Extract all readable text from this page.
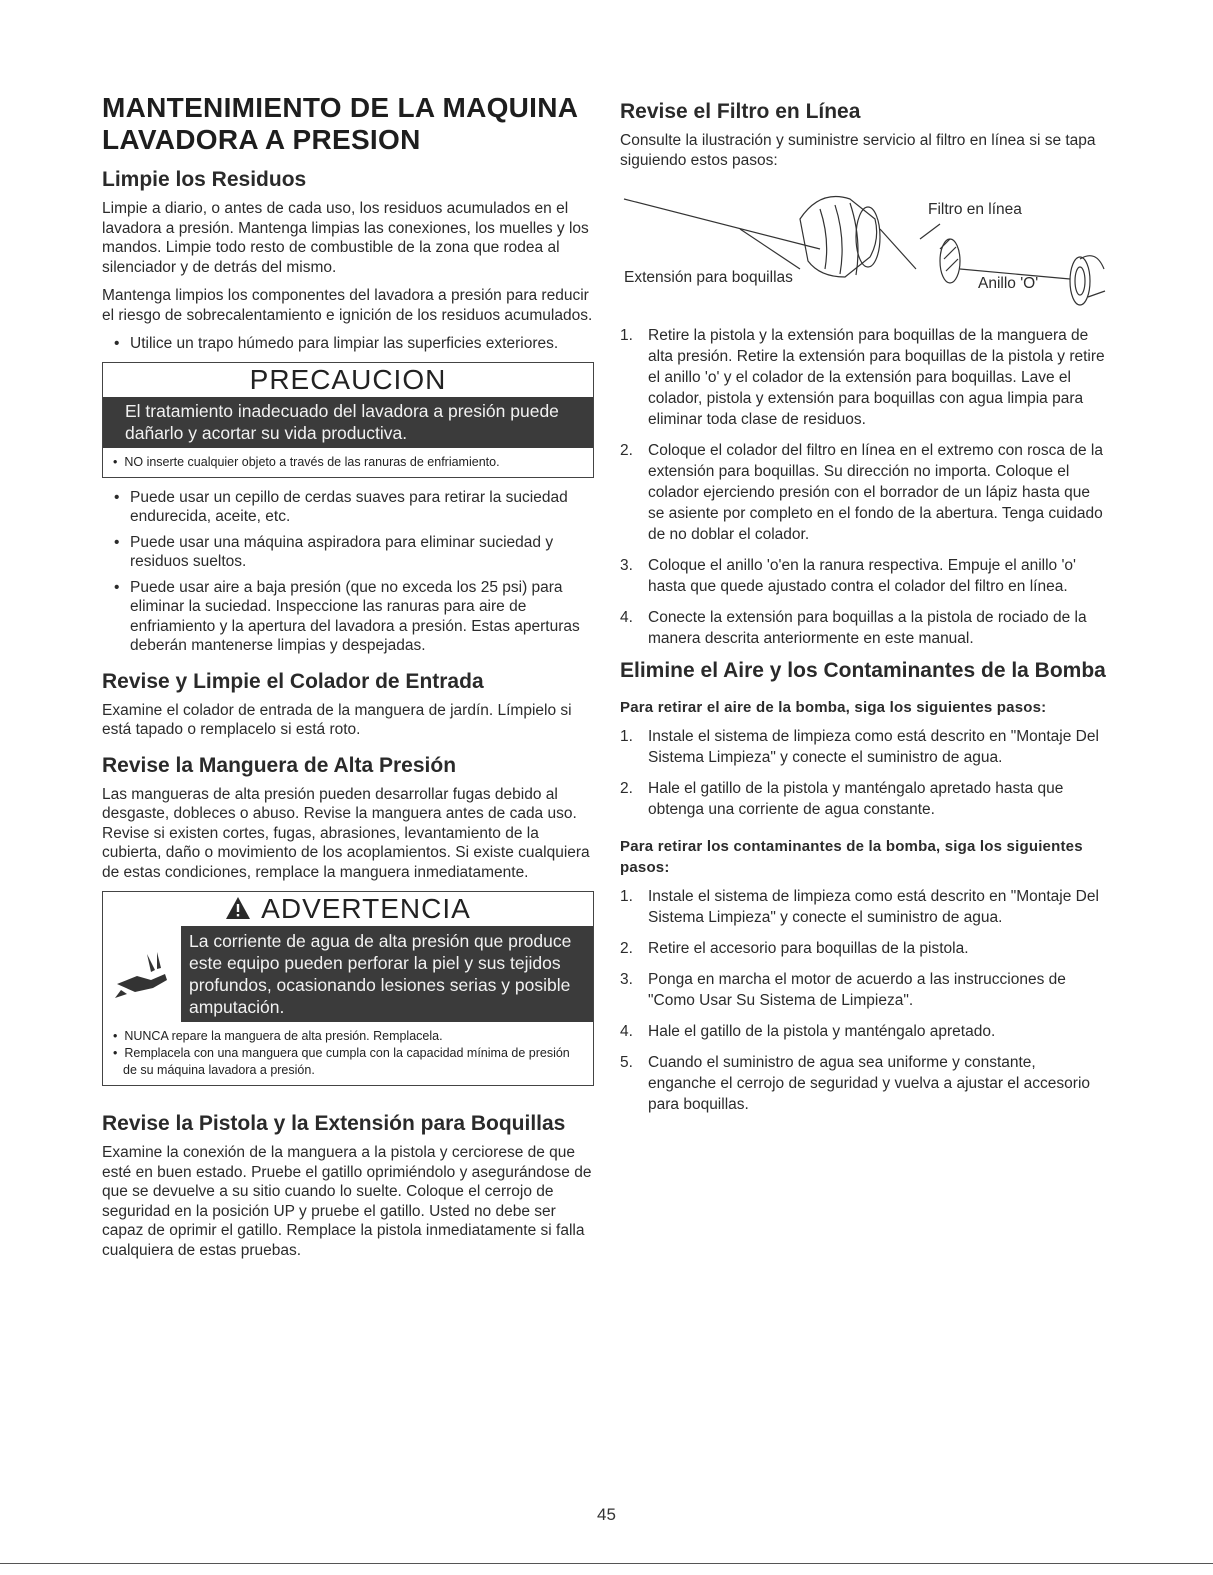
MANTENIMIENTO DE LA MAQUINA
LAVADORA A PRESION
Limpie los Residuos

Limpie a diario, o antes de cada uso, los residuos acumulados en el lavadora a presión. Mantenga limpias las conexiones, los muelles y los mandos. Limpie todo resto de combustible de la zona que rodea al silenciador y de detrás del mismo.

Mantenga limpios los componentes del lavadora a presión para reducir el riesgo de sobrecalentamiento e ignición de los residuos acumulados.

• Utilice un trapo húmedo para limpiar las superficies exteriores.
PRECAUCION
El tratamiento inadecuado del lavadora a presión puede dañarlo y acortar su vida productiva.
• NO inserte cualquier objeto a través de las ranuras de enfriamiento.
• Puede usar un cepillo de cerdas suaves para retirar la suciedad endurecida, aceite, etc.
• Puede usar una máquina aspiradora para eliminar suciedad y residuos sueltos.
• Puede usar aire a baja presión (que no exceda los 25 psi) para eliminar la suciedad. Inspeccione las ranuras para aire de enfriamiento y la apertura del lavadora a presión. Estas aperturas deberán mantenerse limpias y despejadas.
Revise y Limpie el Colador de Entrada

Examine el colador de entrada de la manguera de jardín. Límpielo si está tapado o remplacelo si está roto.

Revise la Manguera de Alta Presión

Las mangueras de alta presión pueden desarrollar fugas debido al desgaste, dobleces o abuso. Revise la manguera antes de cada uso. Revise si existen cortes, fugas, abrasiones, levantamiento de la cubierta, daño o movimiento de los acoplamientos. Si existe cualquiera de estas condiciones, remplace la manguera inmediatamente.

ADVERTENCIA
La corriente de agua de alta presión que produce este equipo pueden perforar la piel y sus tejidos profundos, ocasionando lesiones serias y posible amputación.
• NUNCA repare la manguera de alta presión. Remplacela.
• Remplacela con una manguera que cumpla con la capacidad mínima de presión de su máquina lavadora a presión.
Revise la Pistola y la Extensión para Boquillas

Examine la conexión de la manguera a la pistola y cerciorese de que esté en buen estado. Pruebe el gatillo oprimiéndolo y asegurándose de que se devuelve a su sitio cuando lo suelte. Coloque el cerrojo de seguridad en la posición UP y pruebe el gatillo. Usted no debe ser capaz de oprimir el gatillo. Remplace la pistola inmediatamente si falla cualquiera de estas pruebas.

Revise el Filtro en Línea

Consulte la ilustración y suministre servicio al filtro en línea si se tapa siguiendo estos pasos:

Filtro en línea
Extensión para boquillas	Anillo 'O'
1. Retire la pistola y la extensión para boquillas de la manguera de alta presión. Retire la extensión para boquillas de la pistola y retire el anillo 'o' y el colador de la extensión para boquillas. Lave el colador, pistola y extensión para boquillas con agua limpia para eliminar toda clase de residuos.
2. Coloque el colador del filtro en línea en el extremo con rosca de la extensión para boquillas. Su dirección no importa. Coloque el colador ejerciendo presión con el borrador de un lápiz hasta que se asiente por completo en el fondo de la abertura. Tenga cuidado de no doblar el colador.
3. Coloque el anillo 'o'en la ranura respectiva. Empuje el anillo 'o' hasta que quede ajustado contra el colador del filtro en línea.
4. Conecte la extensión para boquillas a la pistola de rociado de la manera descrita anteriormente en este manual.
Elimine el Aire y los Contaminantes de la Bomba
Para retirar el aire de la bomba, siga los siguientes pasos:
1. Instale el sistema de limpieza como está descrito en "Montaje Del Sistema Limpieza" y conecte el suministro de agua.
2. Hale el gatillo de la pistola y manténgalo apretado hasta que obtenga una corriente de agua constante.
Para retirar los contaminantes de la bomba, siga los siguientes pasos:
1. Instale el sistema de limpieza como está descrito en "Montaje Del Sistema Limpieza" y conecte el suministro de agua.
2. Retire el accesorio para boquillas de la pistola.
3. Ponga en marcha el motor de acuerdo a las instrucciones de "Como Usar Su Sistema de Limpieza".
4. Hale el gatillo de la pistola y manténgalo apretado.
5. Cuando el suministro de agua sea uniforme y constante, enganche el cerrojo de seguridad y vuelva a ajustar el accesorio para boquillas.
45
